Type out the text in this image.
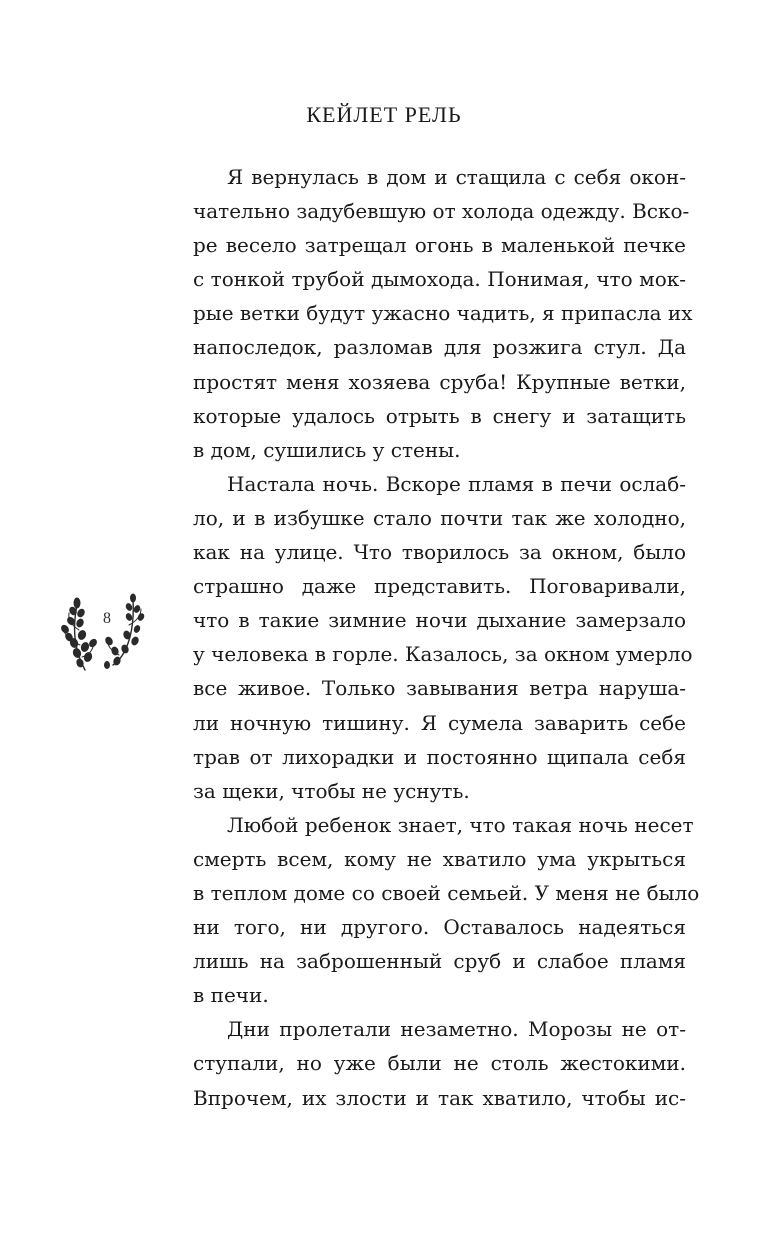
КЕЙЛЕТ РЕЛЬ
Я вернулась в дом и стащила с себя окон-
чательно задубевшую от холода одежду. Вско-
ре весело затрещал огонь в маленькой печке
с тонкой трубой дымохода. Понимая, что мок-
рые ветки будут ужасно чадить, я припасла их
напоследок, разломав для розжига стул. Да
простят меня хозяева сруба! Крупные ветки,
которые удалось отрыть в снегу и затащить
в дом, сушились у стены.
Настала ночь. Вскоре пламя в печи ослаб-
ло, и в избушке стало почти так же холодно,
как на улице. Что творилось за окном, было
страшно даже представить. Поговаривали,
что в такие зимние ночи дыхание замерзало
у человека в горле. Казалось, за окном умерло
все живое. Только завывания ветра наруша-
ли ночную тишину. Я сумела заварить себе
трав от лихорадки и постоянно щипала себя
за щеки, чтобы не уснуть.
Любой ребенок знает, что такая ночь несет
смерть всем, кому не хватило ума укрыться
в теплом доме со своей семьей. У меня не было
ни того, ни другого. Оставалось надеяться
лишь на заброшенный сруб и слабое пламя
в печи.
Дни пролетали незаметно. Морозы не от-
ступали, но уже были не столь жестокими.
Впрочем, их злости и так хватило, чтобы ис-
8
